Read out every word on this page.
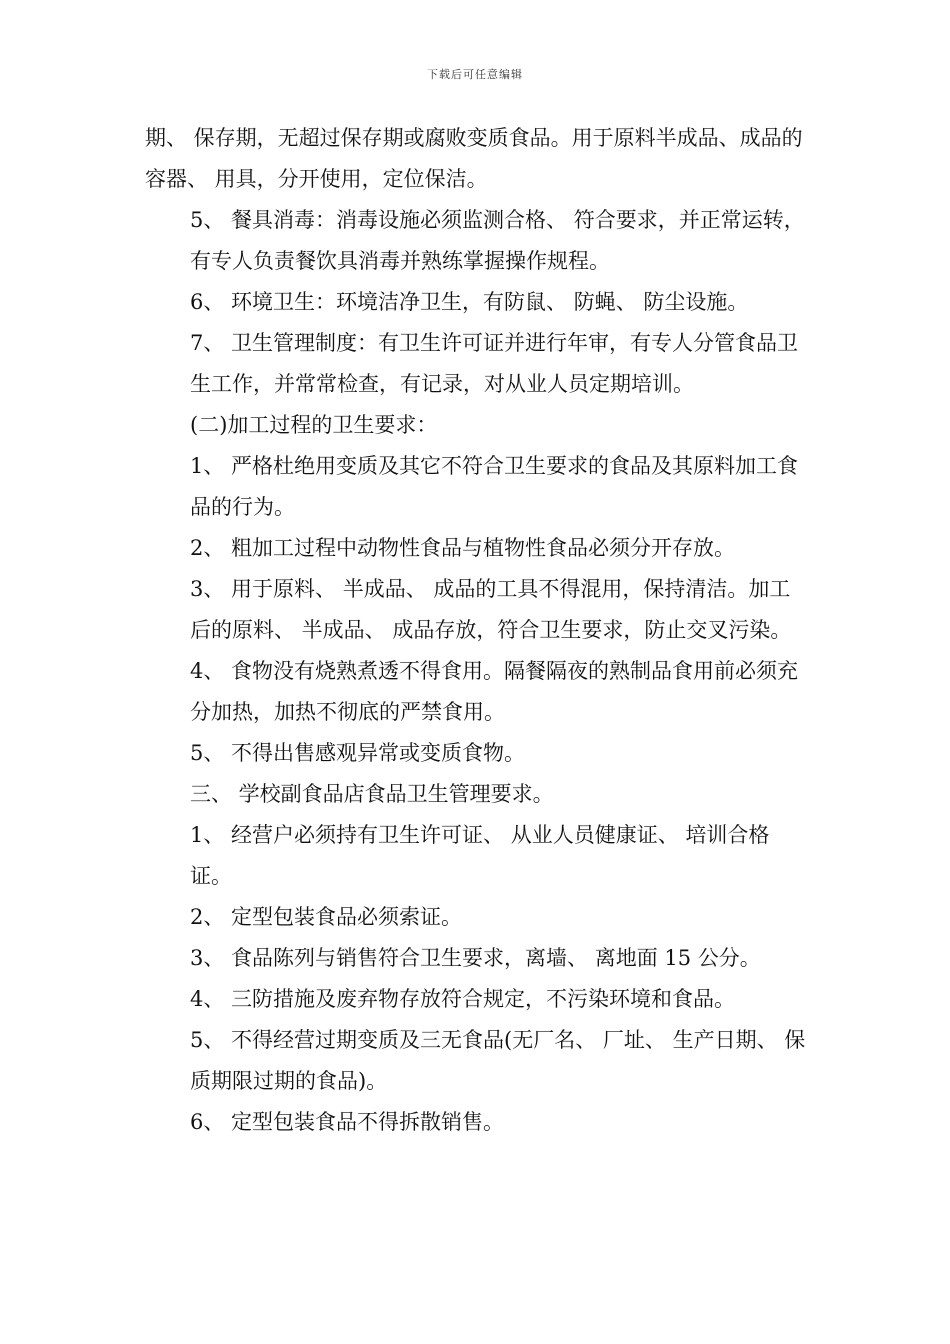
下载后可任意编辑

期、 保存期，无超过保存期或腐败变质食品。用于原料半成品、成品的容器、 用具，分开使用，定位保洁。

5、 餐具消毒：消毒设施必须监测合格、 符合要求，并正常运转，有专人负责餐饮具消毒并熟练掌握操作规程。

6、 环境卫生：环境洁净卫生，有防鼠、 防蝇、 防尘设施。

7、 卫生管理制度：有卫生许可证并进行年审，有专人分管食品卫生工作，并常常检查，有记录，对从业人员定期培训。

(二)加工过程的卫生要求：

1、 严格杜绝用变质及其它不符合卫生要求的食品及其原料加工食品的行为。

2、 粗加工过程中动物性食品与植物性食品必须分开存放。

3、 用于原料、 半成品、 成品的工具不得混用，保持清洁。加工后的原料、 半成品、 成品存放，符合卫生要求，防止交叉污染。

4、 食物没有烧熟煮透不得食用。隔餐隔夜的熟制品食用前必须充分加热，加热不彻底的严禁食用。

5、 不得出售感观异常或变质食物。

三、 学校副食品店食品卫生管理要求。

1、 经营户必须持有卫生许可证、 从业人员健康证、 培训合格证。

2、 定型包装食品必须索证。

3、 食品陈列与销售符合卫生要求，离墙、 离地面 15 公分。

4、 三防措施及废弃物存放符合规定，不污染环境和食品。

5、 不得经营过期变质及三无食品(无厂名、 厂址、 生产日期、 保质期限过期的食品)。

6、 定型包装食品不得拆散销售。
